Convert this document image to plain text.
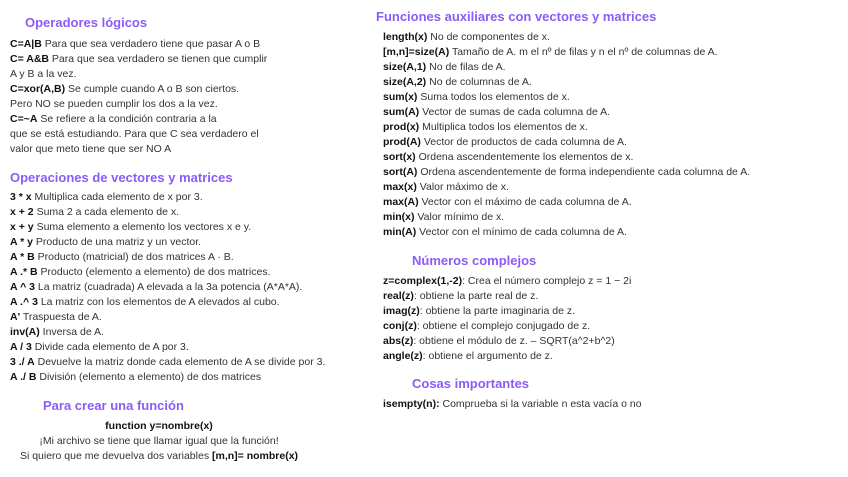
Operadores lógicos

C=A|B Para que sea verdadero tiene que pasar A o B

C= A&B Para que sea verdadero se tienen que cumplir

A y B a la vez.

C=xor(A,B) Se cumple cuando A o B son ciertos.

Pero NO se pueden cumplir los dos a la vez.

C=~A Se refiere a la condición contraria a la

que se está estudiando. Para que C sea verdadero el

valor que meto tiene que ser NO A

Operaciones de vectores y matrices

3 * x Multiplica cada elemento de x por 3.

x + 2 Suma 2 a cada elemento de x.

x + y Suma elemento a elemento los vectores x e y.

A * y Producto de una matriz y un vector.

A * B Producto (matricial) de dos matrices A · B.

A .* B Producto (elemento a elemento) de dos matrices.

A ^ 3 La matriz (cuadrada) A elevada a la 3a potencia (A*A*A).

A .^ 3 La matriz con los elementos de A elevados al cubo.

A' Traspuesta de A.

inv(A) Inversa de A.

A / 3 Divide cada elemento de A por 3.

3 ./ A Devuelve la matriz donde cada elemento de A se divide por 3.

A ./ B División (elemento a elemento) de dos matrices

Para crear una función

function y=nombre(x)

¡Mi archivo se tiene que llamar igual que la función!

Si quiero que me devuelva dos variables [m,n]= nombre(x)

Funciones auxiliares con vectores y matrices

length(x) No de componentes de x.

[m,n]=size(A) Tamaño de A. m el nº de filas y n el nº de columnas de A.

size(A,1) No de filas de A.

size(A,2) No de columnas de A.

sum(x) Suma todos los elementos de x.

sum(A) Vector de sumas de cada columna de A.

prod(x) Multiplica todos los elementos de x.

prod(A) Vector de productos de cada columna de A.

sort(x) Ordena ascendentemente los elementos de x.

sort(A) Ordena ascendentemente de forma independiente cada columna de A.

max(x) Valor máximo de x.

max(A) Vector con el máximo de cada columna de A.

min(x) Valor mínimo de x.

min(A) Vector con el mínimo de cada columna de A.

Números complejos

z=complex(1,-2): Crea el número complejo z = 1 − 2i

real(z): obtiene la parte real de z.

imag(z): obtiene la parte imaginaria de z.

conj(z): obtiene el complejo conjugado de z.

abs(z): obtiene el módulo de z. – SQRT(a^2+b^2)

angle(z): obtiene el argumento de z.

Cosas importantes

isempty(n): Comprueba si la variable n esta vacía o no
